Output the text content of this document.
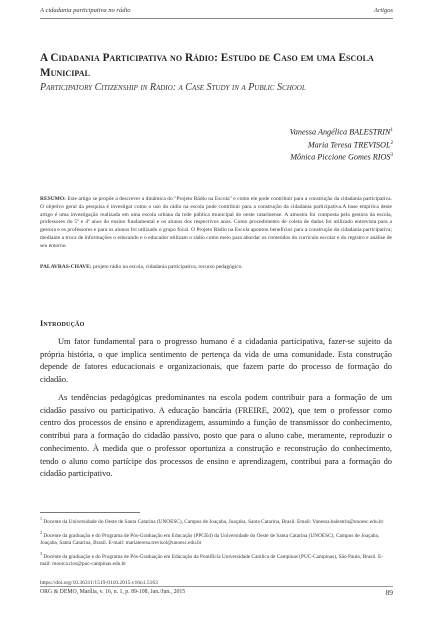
A cidadania participativa no rádio	Artigos
A Cidadania Participativa no Rádio: Estudo de Caso em uma Escola Municipal
Participatory Citizenship in Radio: a Case Study in a Public School
Vanessa Angélica BALESTRIN$^1$
Maria Teresa TREVISOL$^2$
Mônica Piccione Gomes RIOS$^3$
RESUMO: Este artigo se propõe a descrever a dinâmica do "Projeto Rádio na Escola" e como ele pode contribuir para a construção da cidadania participativa. O objetivo geral da pesquisa é investigar como o uso do rádio na escola pode contribuir para a construção da cidadania participativa.A base empírica deste artigo é uma investigação realizada em uma escola urbana da rede pública municipal do oeste catarinense. A amostra foi composta pela gestora da escola, professores do 5º e 4º anos do ensino fundamental e os alunos dos respectivos anos. Como procedimento de coleta de dados foi utilizado entrevista para a gestora e os professores e para os alunos foi utilizado o grupo focal. O Projeto Rádio na Escola apontou benefícios para a construção da cidadania participativa; mediante a troca de informações o educando e o educador utilizam o rádio como meio para abordar os conteúdos do currículo escolar e do registro e análise de seu entorno.
PALAVRAS-CHAVE: projeto rádio na escola, cidadania participativa, recurso pedagógico.
Introdução

Um fator fundamental para o progresso humano é a cidadania participativa, fazer-se sujeito da própria história, o que implica sentimento de pertença da vida de uma comunidade. Esta construção depende de fatores educacionais e organizacionais, que fazem parte do processo de formação do cidadão.

As tendências pedagógicas predominantes na escola podem contribuir para a formação de um cidadão passivo ou participativo. A educação bancária (FREIRE, 2002), que tem o professor como centro dos processos de ensino e aprendizagem, assumindo a função de transmissor do conhecimento, contribui para a formação do cidadão passivo, posto que para o aluno cabe, meramente, reproduzir o conhecimento. À medida que o professor oportuniza a construção e reconstrução do conhecimento, tendo o aluno como partícipe dos processos de ensino e aprendizagem, contribui para a formação do cidadão participativo.

$^1$ Docente da Universidade do Oeste de Santa Catarina (UNOESC), Campus de Joaçaba, Joaçaba, Santa Catarina, Brasil. Email: Vanessa.balestrin@unoesc.edu.br

$^2$ Docente da graduação e do Programa de Pós-Graduação em Educação (PPGEd) da Universidade do Oeste de Santa Catarina (UNOESC), Campus de Joaçaba, Joaçaba, Santa Catarina, Brasil. E-mail: mariateresa.trevisol@unoesc.edu.br

$^3$ Docente da graduação e do Programa de Pós-Graduação em Educação da Pontifícia Universidade Católica de Campinas (PUC-Campinas), São Paulo, Brasil. E-mail: monica.rios@puc-campinas.edu.br

https://doi.org/10.36311/1519-0110.2015.v16n1.5163
ORG & DEMO, Marília, v. 16, n. 1, p. 89-108, Jan./Jun., 2015	89
